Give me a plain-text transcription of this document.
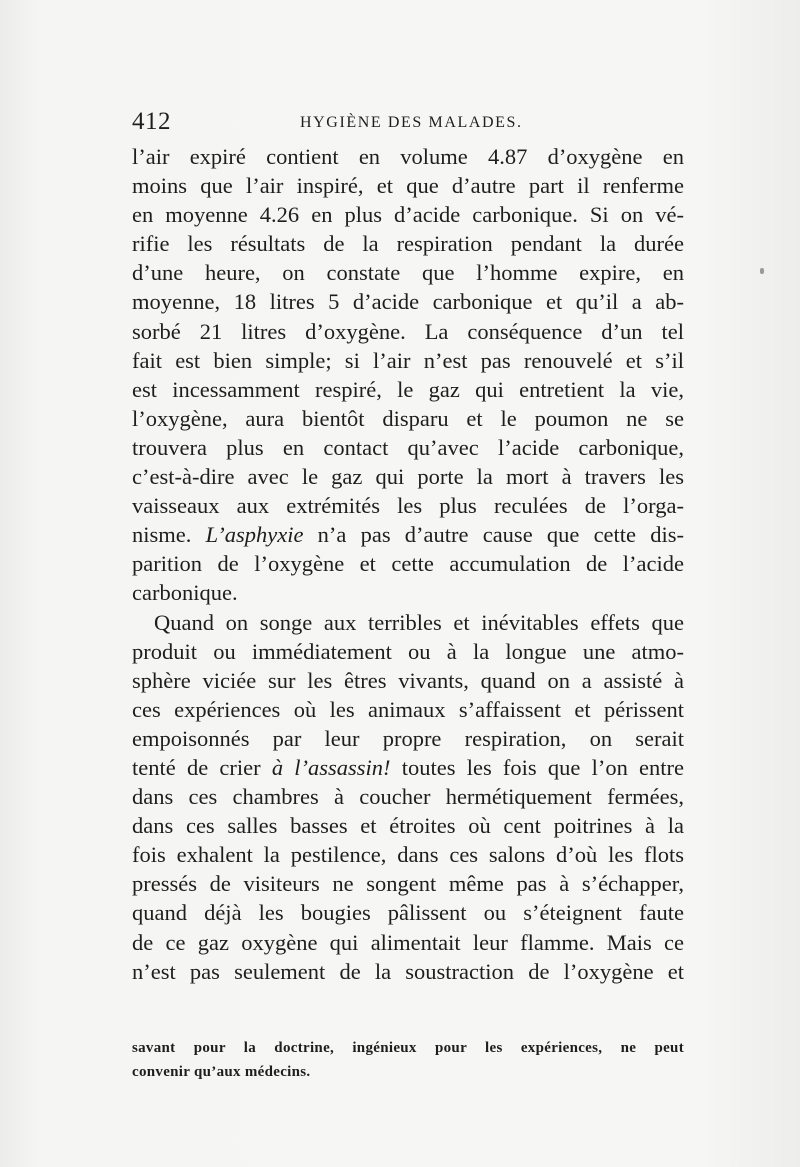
412	HYGIÈNE DES MALADES.
l’air expiré contient en volume 4.87 d’oxygène en
moins que l’air inspiré, et que d’autre part il renferme
en moyenne 4.26 en plus d’acide carbonique. Si on vé-
rifie les résultats de la respiration pendant la durée
d’une heure, on constate que l’homme expire, en
moyenne, 18 litres 5 d’acide carbonique et qu’il a ab-
sorbé 21 litres d’oxygène. La conséquence d’un tel
fait est bien simple; si l’air n’est pas renouvelé et s’il
est incessamment respiré, le gaz qui entretient la vie,
l’oxygène, aura bientôt disparu et le poumon ne se
trouvera plus en contact qu’avec l’acide carbonique,
c’est-à-dire avec le gaz qui porte la mort à travers les
vaisseaux aux extrémités les plus reculées de l’orga-
nisme. L’asphyxie n’a pas d’autre cause que cette dis-
parition de l’oxygène et cette accumulation de l’acide
carbonique.
Quand on songe aux terribles et inévitables effets que
produit ou immédiatement ou à la longue une atmo-
sphère viciée sur les êtres vivants, quand on a assisté à
ces expériences où les animaux s’affaissent et périssent
empoisonnés par leur propre respiration, on serait
tenté de crier à l’assassin! toutes les fois que l’on entre
dans ces chambres à coucher hermétiquement fermées,
dans ces salles basses et étroites où cent poitrines à la
fois exhalent la pestilence, dans ces salons d’où les flots
pressés de visiteurs ne songent même pas à s’échapper,
quand déjà les bougies pâlissent ou s’éteignent faute
de ce gaz oxygène qui alimentait leur flamme. Mais ce
n’est pas seulement de la soustraction de l’oxygène et
savant pour la doctrine, ingénieux pour les expériences, ne peut
convenir qu’aux médecins.
